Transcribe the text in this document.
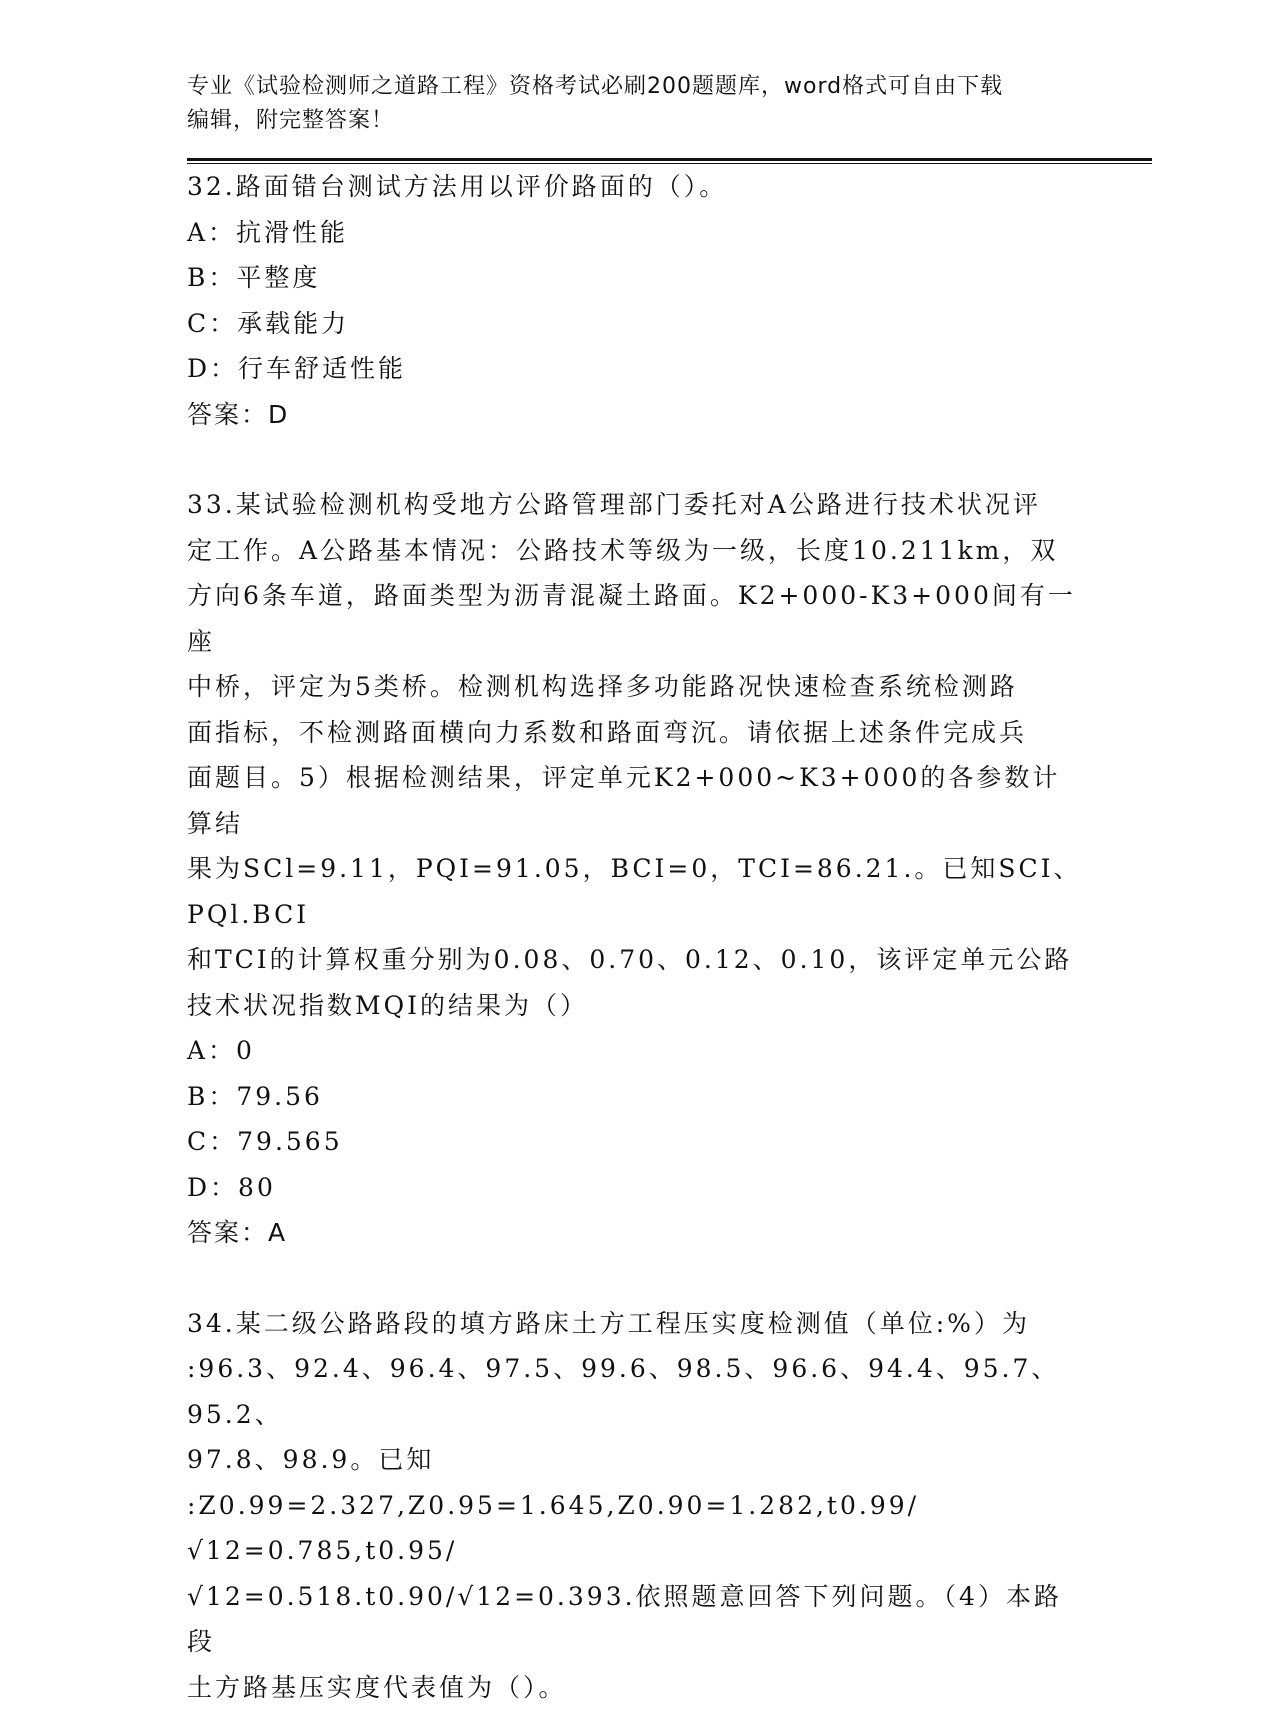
专业《试验检测师之道路工程》资格考试必刷200题题库，word格式可自由下载
编辑，附完整答案！
32.路面错台测试方法用以评价路面的（）。
A：抗滑性能
B：平整度
C：承载能力
D：行车舒适性能
答案：D
33.某试验检测机构受地方公路管理部门委托对A公路进行技术状况评
定工作。A公路基本情况：公路技术等级为一级，长度10.211km，双
方向6条车道，路面类型为沥青混凝土路面。K2+000-K3+000间有一座
中桥，评定为5类桥。检测机构选择多功能路况快速检查系统检测路
面指标，不检测路面横向力系数和路面弯沉。请依据上述条件完成兵
面题目。5）根据检测结果，评定单元K2+000~K3+000的各参数计算结
果为SCl=9.11，PQI=91.05，BCI=0，TCI=86.21.。已知SCI、PQl.BCI
和TCI的计算权重分别为0.08、0.70、0.12、0.10，该评定单元公路
技术状况指数MQI的结果为（）
A：0
B：79.56
C：79.565
D：80
答案：A
34.某二级公路路段的填方路床土方工程压实度检测值（单位:%）为
:96.3、92.4、96.4、97.5、99.6、98.5、96.6、94.4、95.7、95.2、
97.8、98.9。已知
:Z0.99=2.327,Z0.95=1.645,Z0.90=1.282,t0.99/√12=0.785,t0.95/
√12=0.518.t0.90/√12=0.393.依照题意回答下列问题。（4）本路段
土方路基压实度代表值为（）。
